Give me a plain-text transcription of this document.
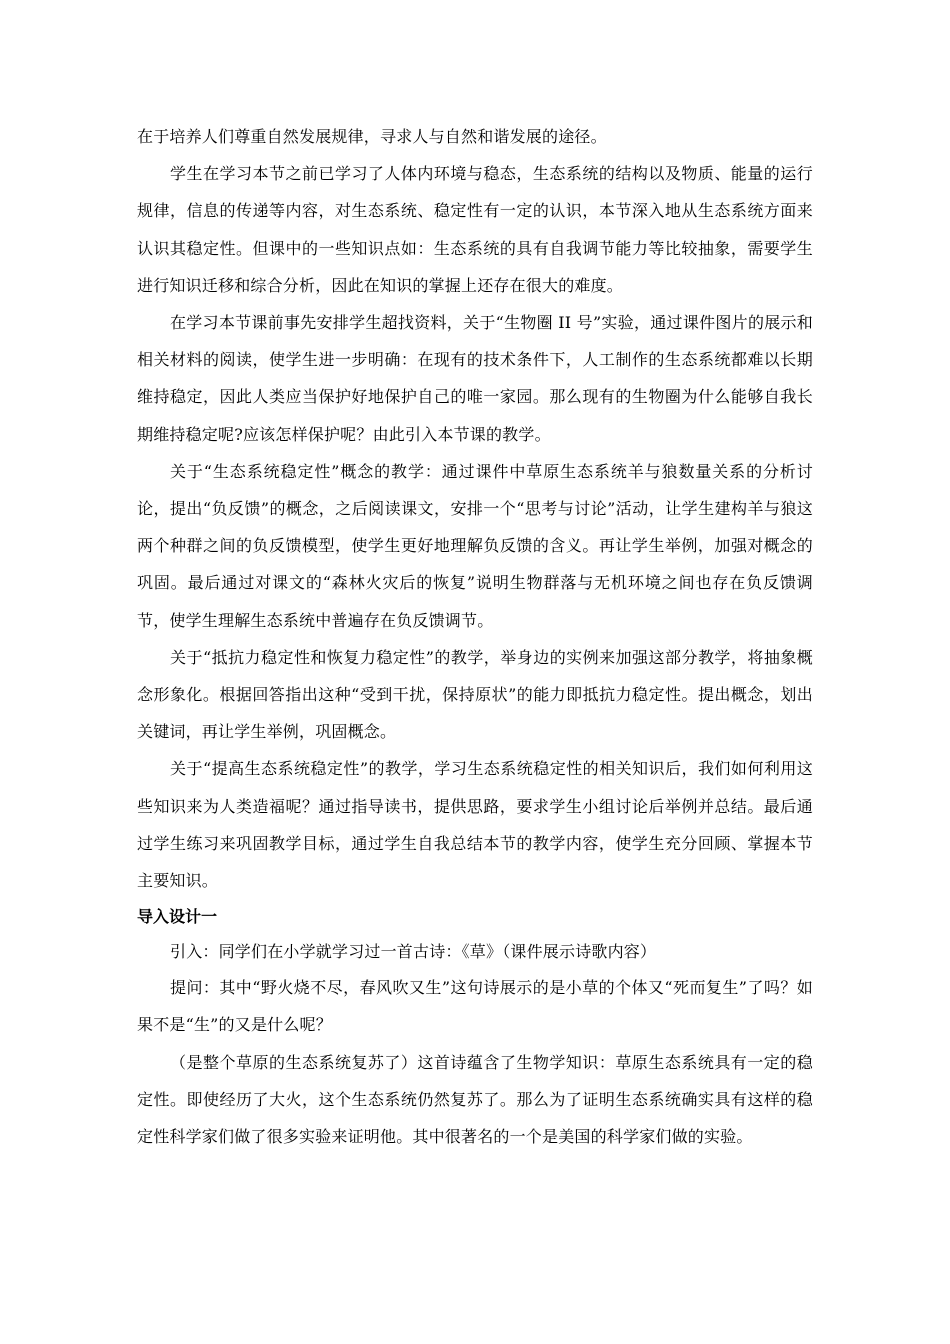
在于培养人们尊重自然发展规律，寻求人与自然和谐发展的途径。

学生在学习本节之前已学习了人体内环境与稳态，生态系统的结构以及物质、能量的运行规律，信息的传递等内容，对生态系统、稳定性有一定的认识，本节深入地从生态系统方面来认识其稳定性。但课中的一些知识点如：生态系统的具有自我调节能力等比较抽象，需要学生进行知识迁移和综合分析，因此在知识的掌握上还存在很大的难度。

在学习本节课前事先安排学生超找资料，关于“生物圈 II 号”实验，通过课件图片的展示和相关材料的阅读，使学生进一步明确：在现有的技术条件下，人工制作的生态系统都难以长期维持稳定，因此人类应当保护好地保护自己的唯一家园。那么现有的生物圈为什么能够自我长期维持稳定呢?应该怎样保护呢？由此引入本节课的教学。

关于“生态系统稳定性”概念的教学：通过课件中草原生态系统羊与狼数量关系的分析讨论，提出“负反馈”的概念，之后阅读课文，安排一个“思考与讨论”活动，让学生建构羊与狼这两个种群之间的负反馈模型，使学生更好地理解负反馈的含义。再让学生举例，加强对概念的巩固。最后通过对课文的“森林火灾后的恢复”说明生物群落与无机环境之间也存在负反馈调节，使学生理解生态系统中普遍存在负反馈调节。

关于“抵抗力稳定性和恢复力稳定性”的教学，举身边的实例来加强这部分教学，将抽象概念形象化。根据回答指出这种“受到干扰，保持原状”的能力即抵抗力稳定性。提出概念，划出关键词，再让学生举例，巩固概念。

关于“提高生态系统稳定性”的教学，学习生态系统稳定性的相关知识后，我们如何利用这些知识来为人类造福呢？通过指导读书，提供思路，要求学生小组讨论后举例并总结。最后通过学生练习来巩固教学目标，通过学生自我总结本节的教学内容，使学生充分回顾、掌握本节主要知识。

导入设计一

引入：同学们在小学就学习过一首古诗：《草》（课件展示诗歌内容）

提问：其中“野火烧不尽，春风吹又生”这句诗展示的是小草的个体又“死而复生”了吗？如果不是“生”的又是什么呢？

（是整个草原的生态系统复苏了）这首诗蕴含了生物学知识：草原生态系统具有一定的稳定性。即使经历了大火，这个生态系统仍然复苏了。那么为了证明生态系统确实具有这样的稳定性科学家们做了很多实验来证明他。其中很著名的一个是美国的科学家们做的实验。
